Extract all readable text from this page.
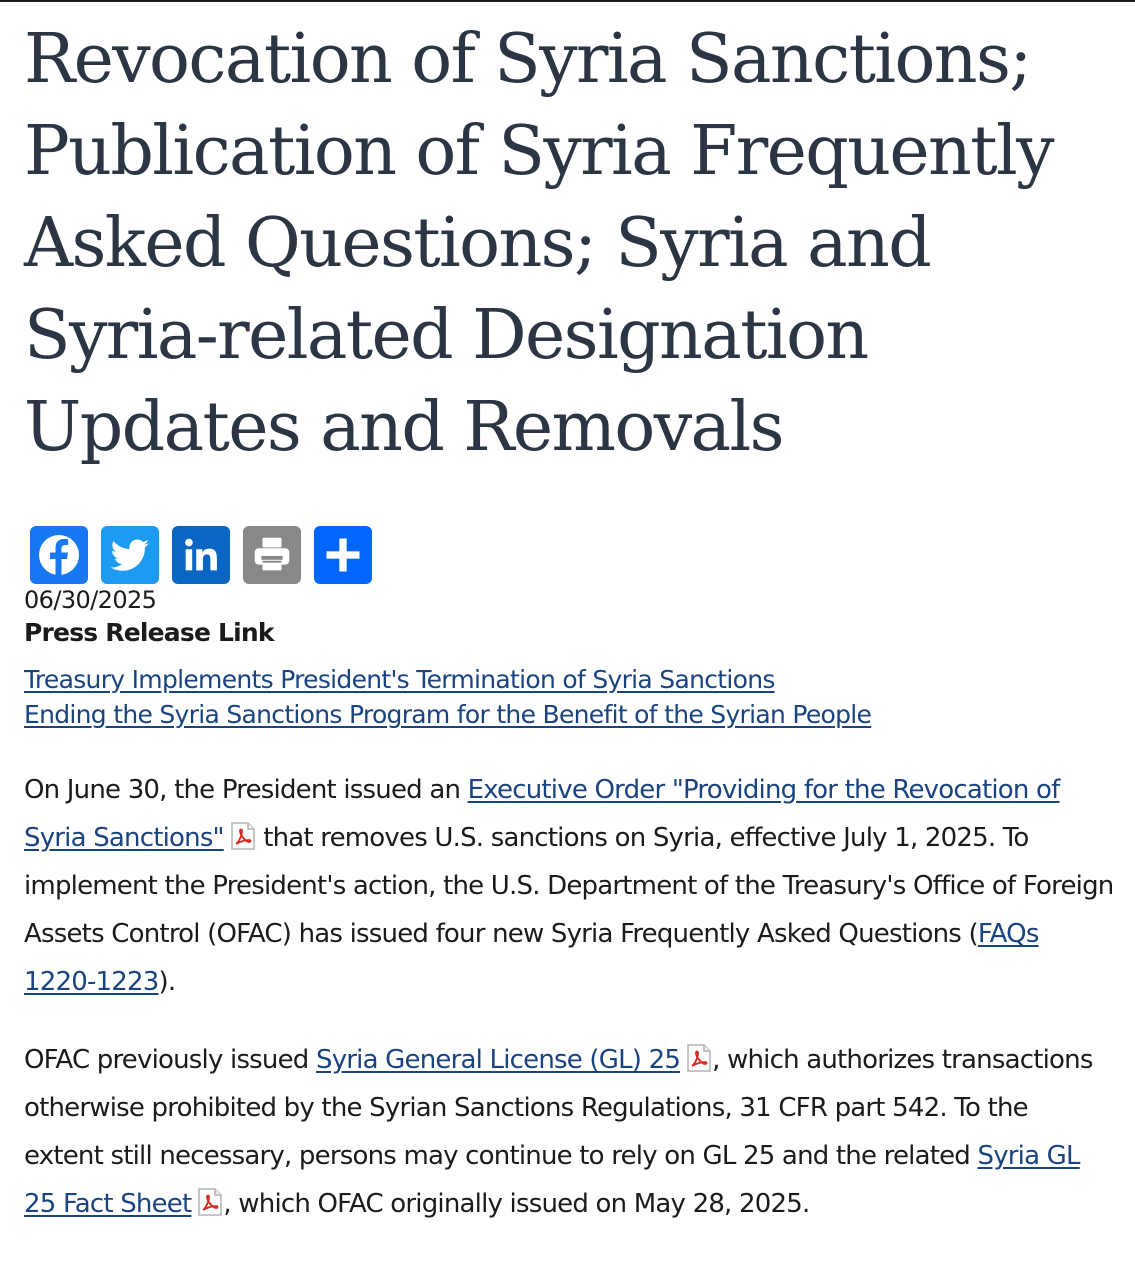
Revocation of Syria Sanctions; Publication of Syria Frequently Asked Questions; Syria and Syria-related Designation Updates and Removals
06/30/2025
Press Release Link
Treasury Implements President's Termination of Syria Sanctions
Ending the Syria Sanctions Program for the Benefit of the Syrian People

On June 30, the President issued an Executive Order "Providing for the Revocation of Syria Sanctions" that removes U.S. sanctions on Syria, effective July 1, 2025. To implement the President's action, the U.S. Department of the Treasury's Office of Foreign Assets Control (OFAC) has issued four new Syria Frequently Asked Questions (FAQs 1220-1223).

OFAC previously issued Syria General License (GL) 25 , which authorizes transactions otherwise prohibited by the Syrian Sanctions Regulations, 31 CFR part 542. To the extent still necessary, persons may continue to rely on GL 25 and the related Syria GL 25 Fact Sheet , which OFAC originally issued on May 28, 2025.
